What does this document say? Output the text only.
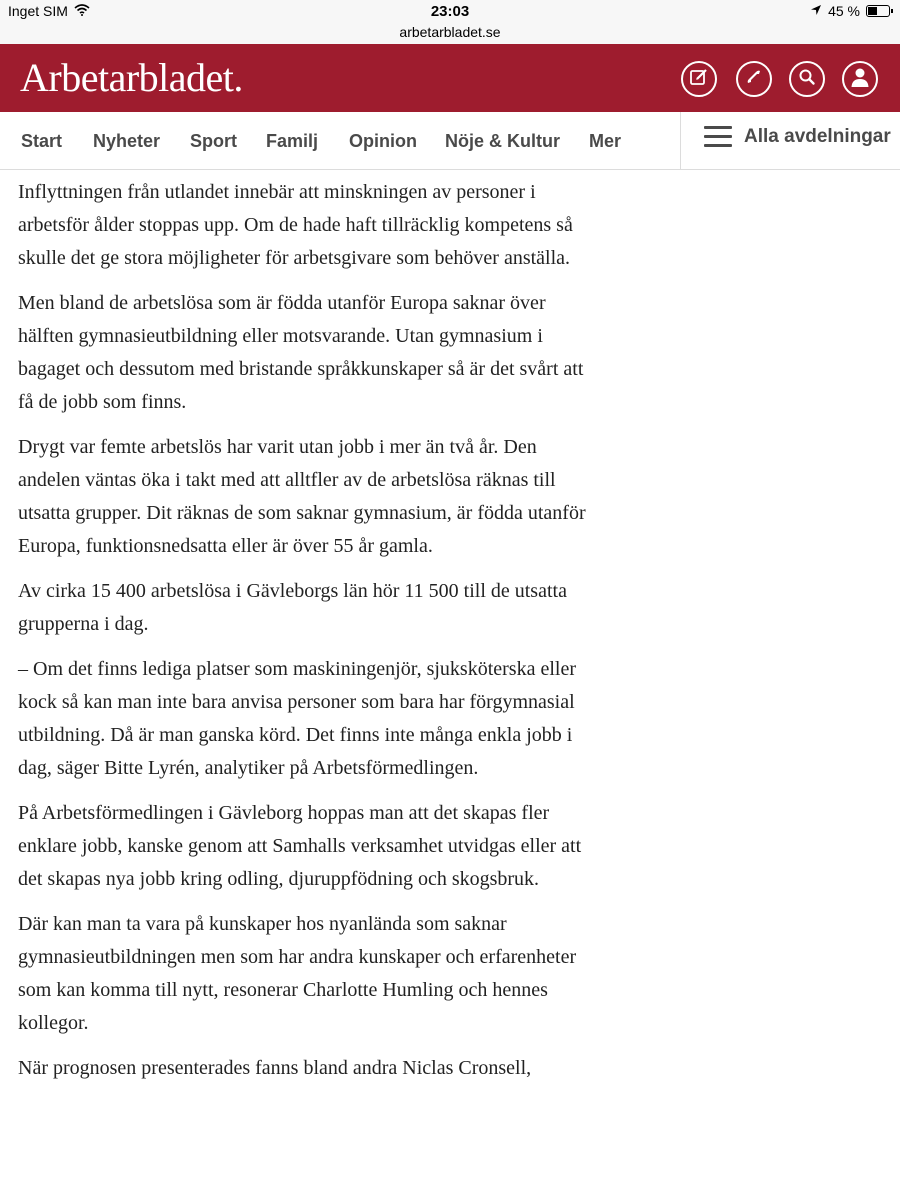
Inget SIM	23:03	45 %
arbetarbladet.se
Arbetarbladet.
Start Nyheter Sport Familj Opinion Nöje & Kultur Mer	Alla avdelningar

Inflyttningen från utlandet innebär att minskningen av personer i arbetsför ålder stoppas upp. Om de hade haft tillräcklig kompetens så skulle det ge stora möjligheter för arbetsgivare som behöver anställa.

Men bland de arbetslösa som är födda utanför Europa saknar över hälften gymnasieutbildning eller motsvarande. Utan gymnasium i bagaget och dessutom med bristande språkkunskaper så är det svårt att få de jobb som finns.

Drygt var femte arbetslös har varit utan jobb i mer än två år. Den andelen väntas öka i takt med att alltfler av de arbetslösa räknas till utsatta grupper. Dit räknas de som saknar gymnasium, är födda utanför Europa, funktionsnedsatta eller är över 55 år gamla.

Av cirka 15 400 arbetslösa i Gävleborgs län hör 11 500 till de utsatta grupperna i dag.

– Om det finns lediga platser som maskiningenjör, sjuksköterska eller kock så kan man inte bara anvisa personer som bara har förgymnasial utbildning. Då är man ganska körd. Det finns inte många enkla jobb i dag, säger Bitte Lyrén, analytiker på Arbetsförmedlingen.

På Arbetsförmedlingen i Gävleborg hoppas man att det skapas fler enklare jobb, kanske genom att Samhalls verksamhet utvidgas eller att det skapas nya jobb kring odling, djuruppfödning och skogsbruk.

Där kan man ta vara på kunskaper hos nyanlända som saknar gymnasieutbildningen men som har andra kunskaper och erfarenheter som kan komma till nytt, resonerar Charlotte Humling och hennes kollegor.

När prognosen presenterades fanns bland andra Niclas Cronsell,
